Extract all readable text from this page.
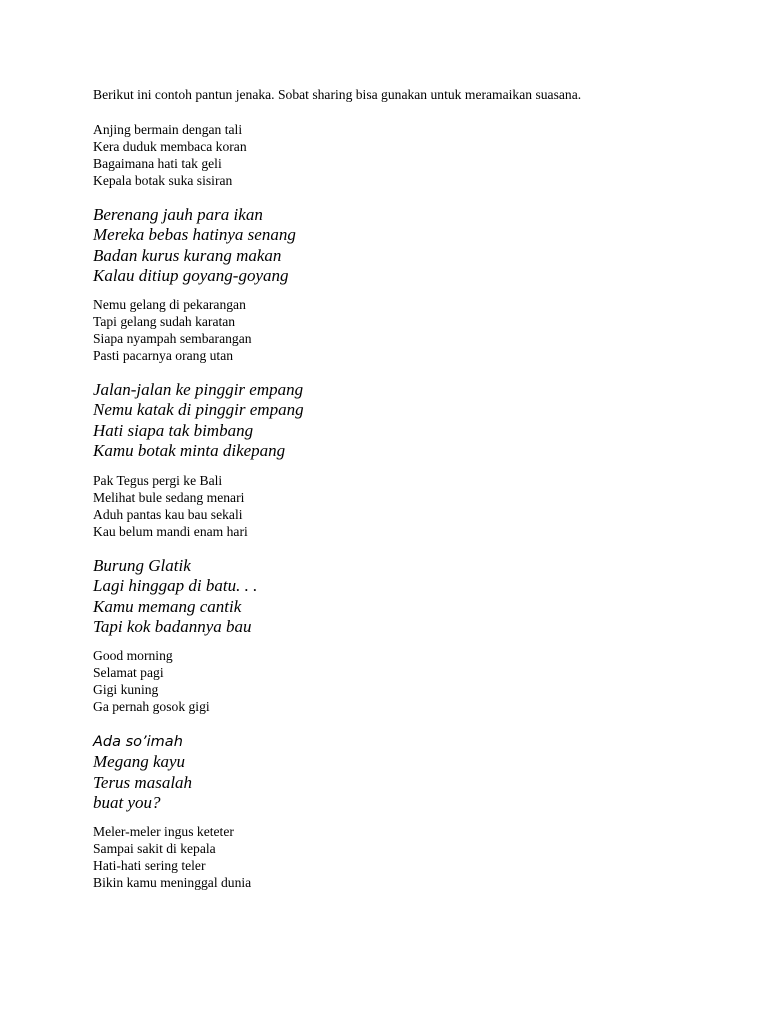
Berikut ini contoh pantun jenaka. Sobat sharing bisa gunakan untuk meramaikan suasana.

Anjing bermain dengan tali
Kera duduk membaca koran
Bagaimana hati tak geli
Kepala botak suka sisiran
Berenang jauh para ikan
Mereka bebas hatinya senang
Badan kurus kurang makan
Kalau ditiup goyang-goyang
Nemu gelang di pekarangan
Tapi gelang sudah karatan
Siapa nyampah sembarangan
Pasti pacarnya orang utan
Jalan-jalan ke pinggir empang
Nemu katak di pinggir empang
Hati siapa tak bimbang
Kamu botak minta dikepang
Pak Tegus pergi ke Bali
Melihat bule sedang menari
Aduh pantas kau bau sekali
Kau belum mandi enam hari
Burung Glatik
Lagi hinggap di batu. . .
Kamu memang cantik
Tapi kok badannya bau
Good morning
Selamat pagi
Gigi kuning
Ga pernah gosok gigi
Ada so’imah
Megang kayu
Terus masalah
buat you?
Meler-meler ingus keteter
Sampai sakit di kepala
Hati-hati sering teler
Bikin kamu meninggal dunia
